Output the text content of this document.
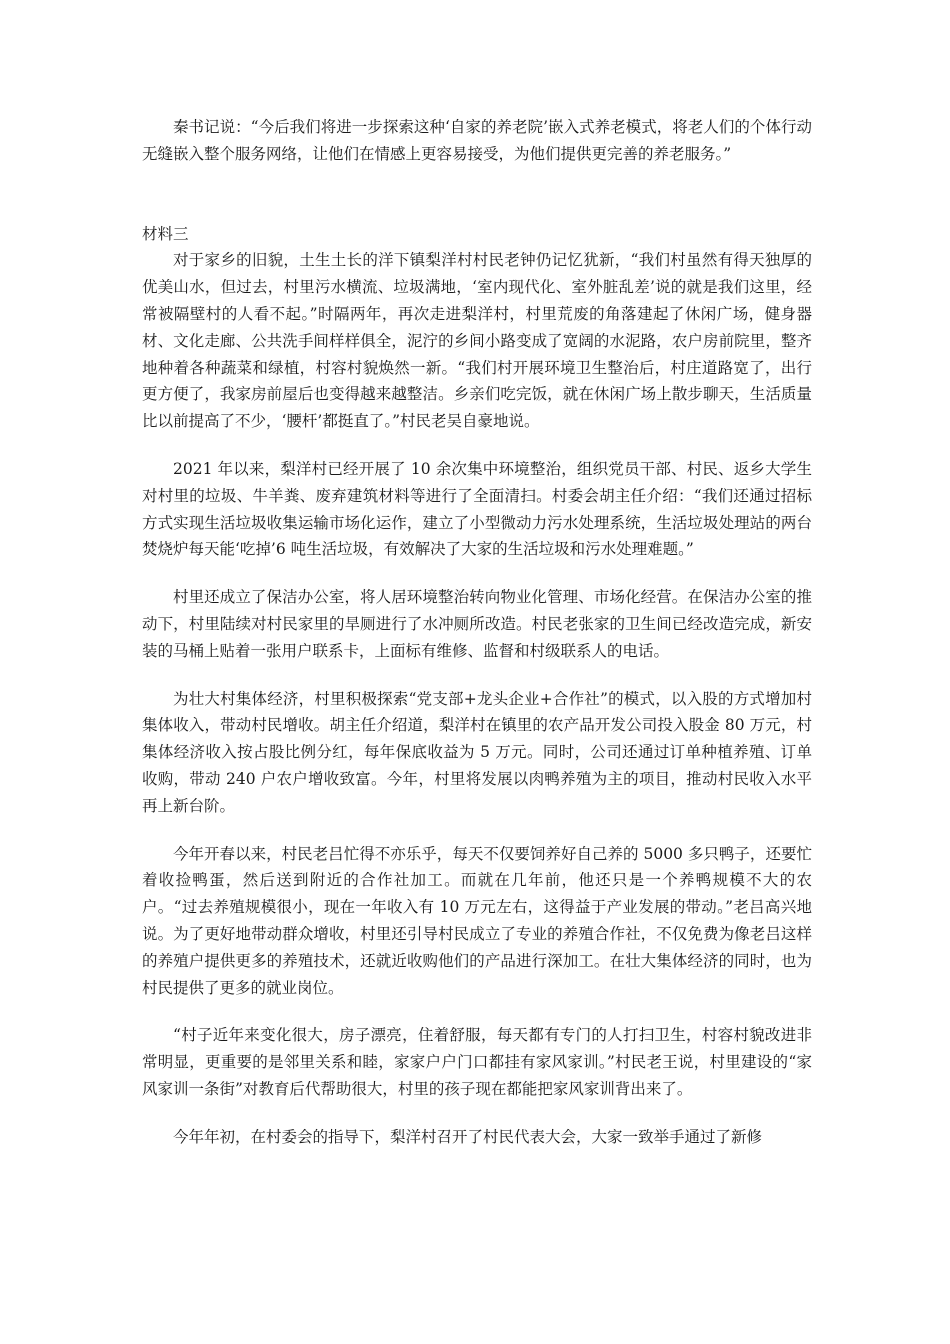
秦书记说：“今后我们将进一步探索这种‘自家的养老院’嵌入式养老模式，将老人们的个体行动无缝嵌入整个服务网络，让他们在情感上更容易接受，为他们提供更完善的养老服务。”

材料三

对于家乡的旧貌，土生土长的洋下镇梨洋村村民老钟仍记忆犹新，“我们村虽然有得天独厚的优美山水，但过去，村里污水横流、垃圾满地，‘室内现代化、室外脏乱差’说的就是我们这里，经常被隔壁村的人看不起。”时隔两年，再次走进梨洋村，村里荒废的角落建起了休闲广场，健身器材、文化走廊、公共洗手间样样俱全，泥泞的乡间小路变成了宽阔的水泥路，农户房前院里，整齐地种着各种蔬菜和绿植，村容村貌焕然一新。“我们村开展环境卫生整治后，村庄道路宽了，出行更方便了，我家房前屋后也变得越来越整洁。乡亲们吃完饭，就在休闲广场上散步聊天，生活质量比以前提高了不少，‘腰杆’都挺直了。”村民老吴自豪地说。

2021 年以来，梨洋村已经开展了 10 余次集中环境整治，组织党员干部、村民、返乡大学生对村里的垃圾、牛羊粪、废弃建筑材料等进行了全面清扫。村委会胡主任介绍：“我们还通过招标方式实现生活垃圾收集运输市场化运作，建立了小型微动力污水处理系统，生活垃圾处理站的两台焚烧炉每天能‘吃掉’6 吨生活垃圾，有效解决了大家的生活垃圾和污水处理难题。”

村里还成立了保洁办公室，将人居环境整治转向物业化管理、市场化经营。在保洁办公室的推动下，村里陆续对村民家里的旱厕进行了水冲厕所改造。村民老张家的卫生间已经改造完成，新安装的马桶上贴着一张用户联系卡，上面标有维修、监督和村级联系人的电话。

为壮大村集体经济，村里积极探索“党支部+龙头企业+合作社”的模式，以入股的方式增加村集体收入，带动村民增收。胡主任介绍道，梨洋村在镇里的农产品开发公司投入股金 80 万元，村集体经济收入按占股比例分红，每年保底收益为 5 万元。同时，公司还通过订单种植养殖、订单收购，带动 240 户农户增收致富。今年，村里将发展以肉鸭养殖为主的项目，推动村民收入水平再上新台阶。

今年开春以来，村民老吕忙得不亦乐乎，每天不仅要饲养好自己养的 5000 多只鸭子，还要忙着收捡鸭蛋，然后送到附近的合作社加工。而就在几年前，他还只是一个养鸭规模不大的农户。“过去养殖规模很小，现在一年收入有 10 万元左右，这得益于产业发展的带动。”老吕高兴地说。为了更好地带动群众增收，村里还引导村民成立了专业的养殖合作社，不仅免费为像老吕这样的养殖户提供更多的养殖技术，还就近收购他们的产品进行深加工。在壮大集体经济的同时，也为村民提供了更多的就业岗位。

“村子近年来变化很大，房子漂亮，住着舒服，每天都有专门的人打扫卫生，村容村貌改进非常明显，更重要的是邻里关系和睦，家家户户门口都挂有家风家训。”村民老王说，村里建设的“家风家训一条街”对教育后代帮助很大，村里的孩子现在都能把家风家训背出来了。

今年年初，在村委会的指导下，梨洋村召开了村民代表大会，大家一致举手通过了新修
